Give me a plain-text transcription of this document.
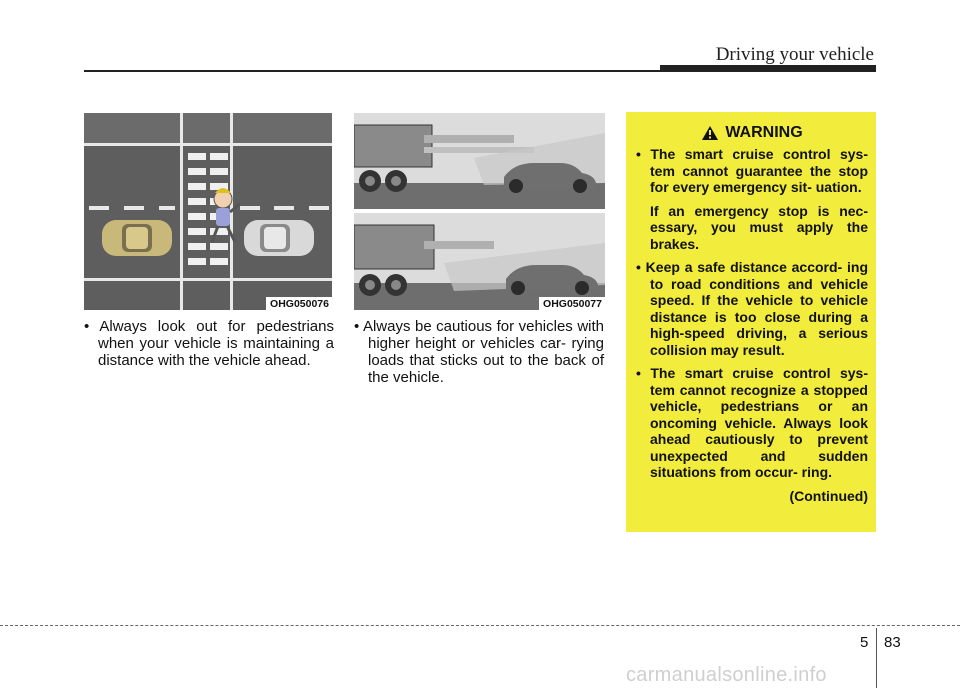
Driving your vehicle
OHG050076	OHG050077
• Always look out for pedestrians when your vehicle is maintaining a distance with the vehicle ahead.
• Always be cautious for vehicles with higher height or vehicles car- rying loads that sticks out to the back of the vehicle.
WARNING
• The smart cruise control sys- tem cannot guarantee the stop for every emergency sit- uation.
If an emergency stop is nec- essary, you must apply the brakes.
• Keep a safe distance accord- ing to road conditions and vehicle speed. If the vehicle to vehicle distance is too close during a high-speed driving, a serious collision may result.
• The smart cruise control sys- tem cannot recognize a stopped vehicle, pedestrians or an oncoming vehicle. Always look ahead cautiously to prevent unexpected and sudden situations from occur- ring.
(Continued)
5 83
carmanualsonline.info
